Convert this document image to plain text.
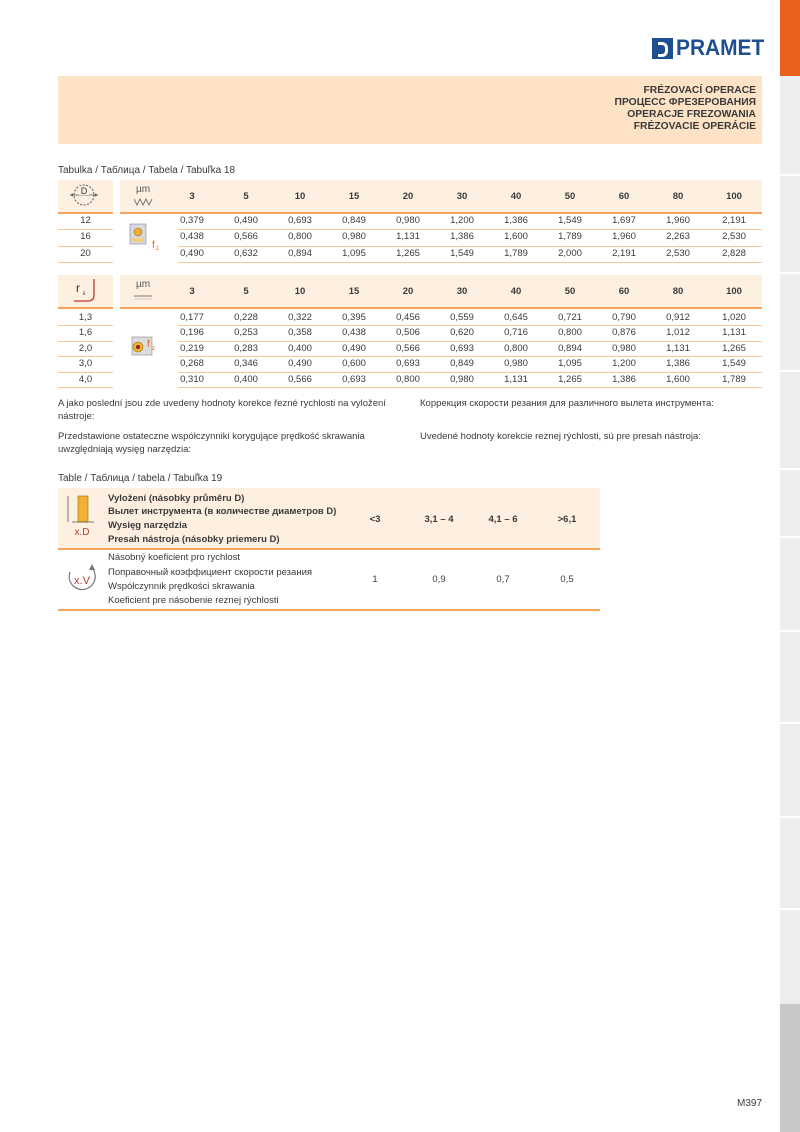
PRAMET
FRÉZOVACÍ OPERACE
ПРОЦЕСС ФРЕЗЕРОВАНИЯ
OPERACJE FREZOWANIA
FRÉZOVACIE OPERÁCIE
Tabulka / Таблица / Tabela / Tabuľka 18
D	µm
f z
3	5	10	15	20	30	40	50	60	80	100
12	0,379	0,490	0,693	0,849	0,980	1,200	1,386	1,549	1,697	1,960	2,191
16	0,438	0,566	0,800	0,980	1,131	1,386	1,600	1,789	1,960	2,263	2,530
20	0,490	0,632	0,894	1,095	1,265	1,549	1,789	2,000	2,191	2,530	2,828
r ε
µm
f z
3	5	10	15	20	30	40	50	60	80	100
1,3	0,177	0,228	0,322	0,395	0,456	0,559	0,645	0,721	0,790	0,912	1,020
1,6	0,196	0,253	0,358	0,438	0,506	0,620	0,716	0,800	0,876	1,012	1,131
2,0	0,219	0,283	0,400	0,490	0,566	0,693	0,800	0,894	0,980	1,131	1,265
3,0	0,268	0,346	0,490	0,600	0,693	0,849	0,980	1,095	1,200	1,386	1,549
4,0	0,310	0,400	0,566	0,693	0,800	0,980	1,131	1,265	1,386	1,600	1,789
A jako poslední jsou zde uvedeny hodnoty korekce řezné rychlosti na vyložení nástroje:
Коррекция скорости резания для различного вылета инструмента:
Przedstawione ostateczne współczynniki korygujące prędkość skrawania uwzględniają wysięg narzędzia:
Uvedené hodnoty korekcie reznej rýchlosti, sú pre presah nástroja:
Table / Таблица / tabela / Tabuľka 19
x.D
Vyložení (násobky průměru D)
Вылет инструмента (в количестве диаметров D)
Wysięg narzędzia
Presah nástroja (násobky priemeru D)
<3	3,1 – 4	4,1 – 6	>6,1
x.V
Násobný koeficient pro rychlost
Поправочный коэффициент скорости резания
Współczynnik prędkości skrawania
Koeficient pre násobenie reznej rýchlosti
1	0,9	0,7	0,5
M397
